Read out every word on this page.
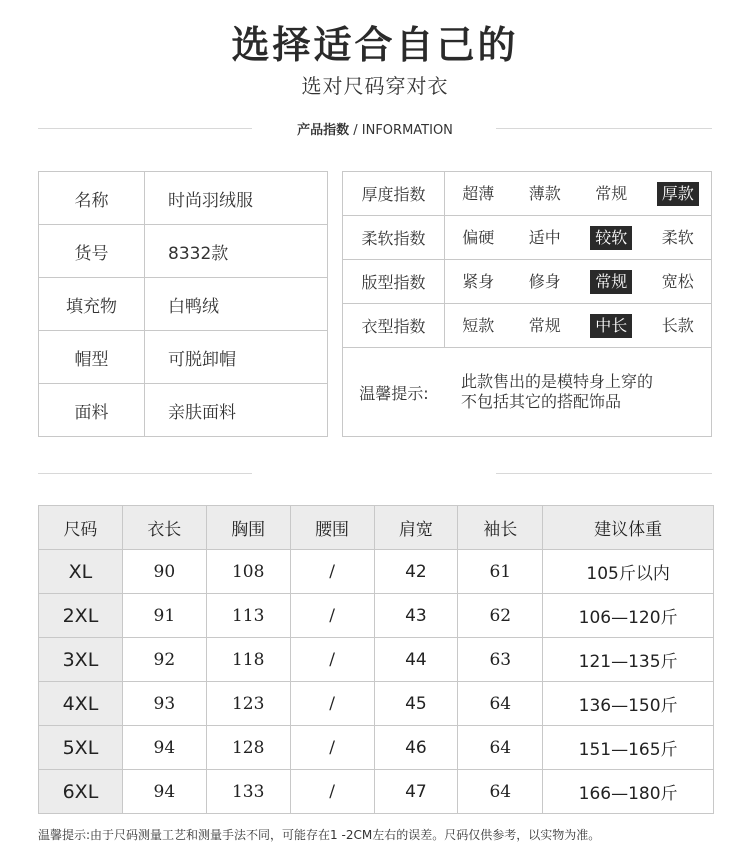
选择适合自己的
选对尺码穿对衣
产品指数 / INFORMATION
名称	时尚羽绒服
货号	8332款
填充物	白鸭绒
帽型	可脱卸帽
面料	亲肤面料
厚度指数	超薄	薄款	常规	厚款
柔软指数	偏硬	适中	较软	柔软
版型指数	紧身	修身	常规	宽松
衣型指数	短款	常规	中长	长款
温馨提示:
此款售出的是模特身上穿的
不包括其它的搭配饰品
尺码	衣长	胸围	腰围	肩宽	袖长	建议体重
XL	90	108	/	42	61	105斤以内
2XL	91	113	/	43	62	106—120斤
3XL	92	118	/	44	63	121—135斤
4XL	93	123	/	45	64	136—150斤
5XL	94	128	/	46	64	151—165斤
6XL	94	133	/	47	64	166—180斤
温馨提示:由于尺码测量工艺和测量手法不同，可能存在1 -2CM左右的误差。尺码仅供参考，以实物为准。
